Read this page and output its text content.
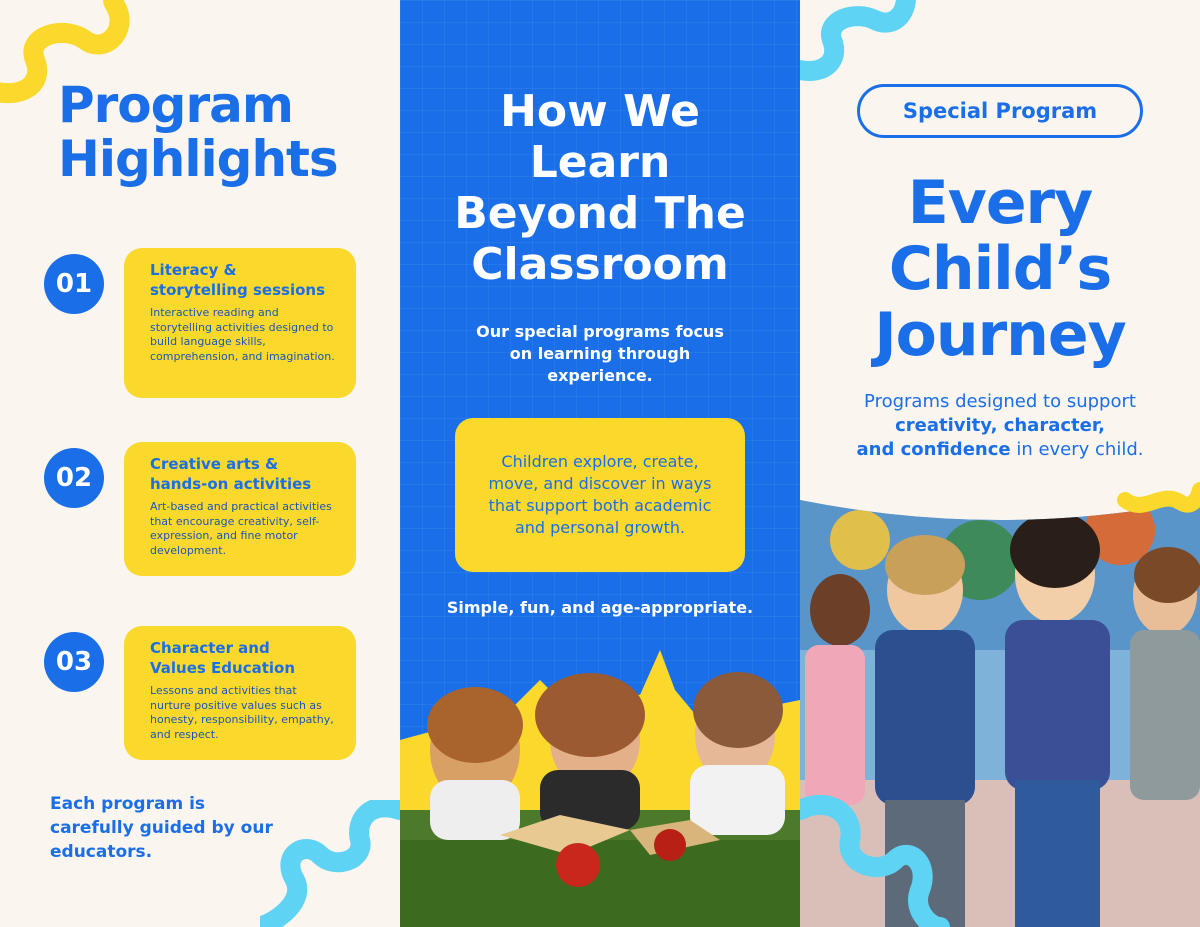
Program
Highlights
01	Literacy &
storytelling sessions
Interactive reading and storytelling activities designed to build language skills, comprehension, and imagination.
02	Creative arts &
hands-on activities
Art-based and practical activities that encourage creativity, self-expression, and fine motor development.
03	Character and
Values Education
Lessons and activities that nurture positive values such as honesty, responsibility, empathy, and respect.
Each program is
carefully guided by our
educators.
How We
Learn
Beyond The
Classroom
Our special programs focus
on learning through
experience.
Children explore, create, move, and discover in ways that support both academic and personal growth.
Simple, fun, and age-appropriate.
Special Program
Every
Child’s
Journey
Programs designed to support
creativity, character,
and confidence in every child.
